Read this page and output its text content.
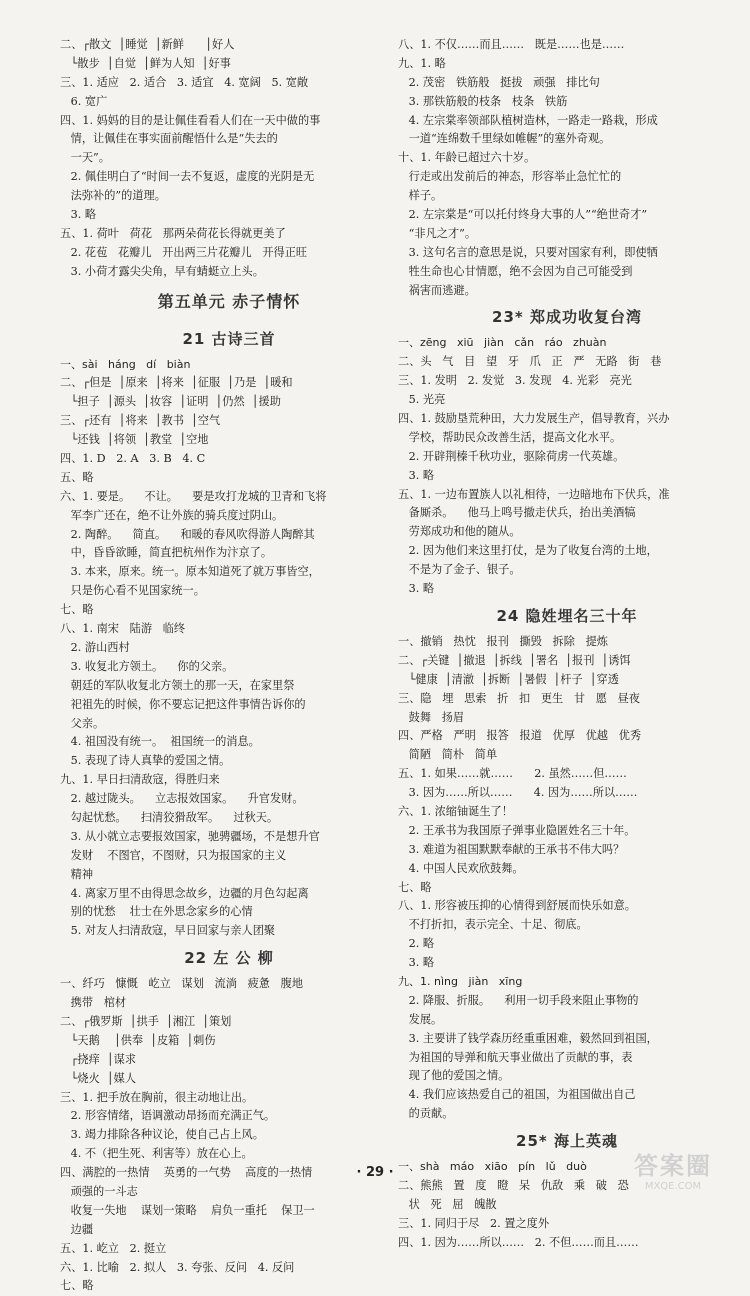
二、┌散文  │睡觉  │新鲜      │好人
└散步  │自觉  │鲜为人知  │好事
三、1. 适应   2. 适合   3. 适宜   4. 宽阔   5. 宽敞
6. 宽广
四、1. 妈妈的目的是让佩佳看看人们在一天中做的事
情，让佩佳在事实面前醒悟什么是“失去的
一天”。
2. 佩佳明白了“时间一去不复返，虚度的光阴是无
法弥补的”的道理。
3. 略
五、1. 荷叶   荷花   那两朵荷花长得就更美了
2. 花苞   花瓣儿   开出两三片花瓣儿   开得正旺
3. 小荷才露尖尖角，早有蜻蜓立上头。
第五单元 赤子情怀
21 古诗三首
一、sài   háng   dí   biàn
二、┌但是  │原来  │将来  │征服  │乃是  │暖和
└担子  │源头  │妆容  │证明  │仍然  │援助
三、┌还有  │将来  │教书  │空气
└还钱  │将领  │教堂  │空地
四、1. D   2. A   3. B   4. C
五、略
六、1. 要是。    不让。    要是攻打龙城的卫青和飞将
军李广还在，绝不让外族的骑兵度过阴山。
2. 陶醉。    简直。    和暖的春风吹得游人陶醉其
中，昏昏欲睡，简直把杭州作为汴京了。
3. 本来，原来。统一。原本知道死了就万事皆空，
只是伤心看不见国家统一。
七、略
八、1. 南宋   陆游   临终
2. 游山西村
3. 收复北方领土。    你的父亲。
朝廷的军队收复北方领土的那一天，在家里祭
祀祖先的时候，你不要忘记把这件事情告诉你的
父亲。
4. 祖国没有统一。  祖国统一的消息。
5. 表现了诗人真挚的爱国之情。
九、1. 早日扫清敌寇，得胜归来
2. 越过陇头。    立志报效国家。    升官发财。
勾起忧愁。    扫清狡猾敌军。    过秋天。
3. 从小就立志要报效国家，驰骋疆场，不是想升官
发财    不图官，不图财，只为报国家的主义
精神
4. 离家万里不由得思念故乡，边疆的月色勾起离
别的忧愁    壮士在外思念家乡的心情
5. 对友人扫清敌寇，早日回家与亲人团聚
22 左 公 柳
一、纤巧   慷慨   屹立   谋划   流淌   疲惫   腹地
携带   棺材
二、┌俄罗斯  │拱手  │湘江  │策划
└天鹅    │供奉  │皮箱  │刺伤
┌挠痒  │谋求
└烧火  │媒人
三、1. 把手放在胸前，很主动地让出。
2. 形容情绪，语调激动昂扬而充满正气。
3. 竭力排除各种议论，使自己占上风。
4. 不（把生死、利害等）放在心上。
四、满腔的一热情    英勇的一气势    高度的一热情
顽强的一斗志
收复一失地    谋划一策略    肩负一重托    保卫一
边疆
五、1. 屹立   2. 挺立
六、1. 比喻   2. 拟人   3. 夸张、反问   4. 反问
七、略
八、1. 不仅……而且……   既是……也是……
九、1. 略
2. 茂密   铁筋般   挺拔   顽强   排比句
3. 那铁筋般的枝条   枝条   铁筋
4. 左宗棠率领部队植树造林，一路走一路栽，形成
一道“连绵数千里绿如帷幄”的塞外奇观。
十、1. 年龄已超过六十岁。
行走或出发前后的神态，形容举止急忙忙的
样子。
2. 左宗棠是“可以托付终身大事的人”“绝世奇才”
“非凡之才”。
3. 这句名言的意思是说，只要对国家有利，即使牺
牲生命也心甘情愿，绝不会因为自己可能受到
祸害而逃避。
23* 郑成功收复台湾
一、zēng   xiū   jiàn   cǎn   ráo   zhuàn
二、头   气   目   望   牙   爪   正   严   无路   街   巷
三、1. 发明   2. 发觉   3. 发现   4. 光彩   亮光
5. 光亮
四、1. 鼓励垦荒种田，大力发展生产，倡导教育，兴办
学校，帮助民众改善生活，提高文化水平。
2. 开辟荆榛千秋功业，驱除荷虏一代英雄。
3. 略
五、1. 一边布置族人以礼相待，一边暗地布下伏兵，准
备厮杀。    他马上鸣号撤走伏兵，抬出美酒犒
劳郑成功和他的随从。
2. 因为他们来这里打仗，是为了收复台湾的土地，
不是为了金子、银子。
3. 略
24 隐姓埋名三十年
一、撤销   热忱   报刊   撕毁   拆除   提炼
二、┌关键  │撤退  │拆线  │署名  │报刊  │诱饵
└健康  │清澈  │拆断  │暑假  │杆子  │穿透
三、隐   埋   思索   折   扣   更生   甘   愿   昼夜
鼓舞   扬眉
四、严格   严明   报答   报道   优厚   优越   优秀
简陋   简朴   简单
五、1. 如果……就……      2. 虽然……但……
3. 因为……所以……      4. 因为……所以……
六、1. 浓缩铀诞生了！
2. 王承书为我国原子弹事业隐匿姓名三十年。
3. 难道为祖国默默奉献的王承书不伟大吗？
4. 中国人民欢欣鼓舞。
七、略
八、1. 形容被压抑的心情得到舒展而快乐如意。
不打折扣，表示完全、十足、彻底。
2. 略
3. 略
九、1. nìng   jiàn   xīng
2. 降服、折服。    利用一切手段来阻止事物的
发展。
3. 主要讲了钱学森历经重重困难，毅然回到祖国，
为祖国的导弹和航天事业做出了贡献的事，表
现了他的爱国之情。
4. 我们应该热爱自己的祖国，为祖国做出自己
的贡献。
25* 海上英魂
一、shà   máo   xiāo   pín   lǔ   duò
二、熊熊   置   度   瞪   呆   仇敌   乘   破   恐
状   死   屈   魄散
三、1. 同归于尽   2. 置之度外
四、1. 因为……所以……   2. 不但……而且……
· 29 ·	答案圈
MXQE.COM
